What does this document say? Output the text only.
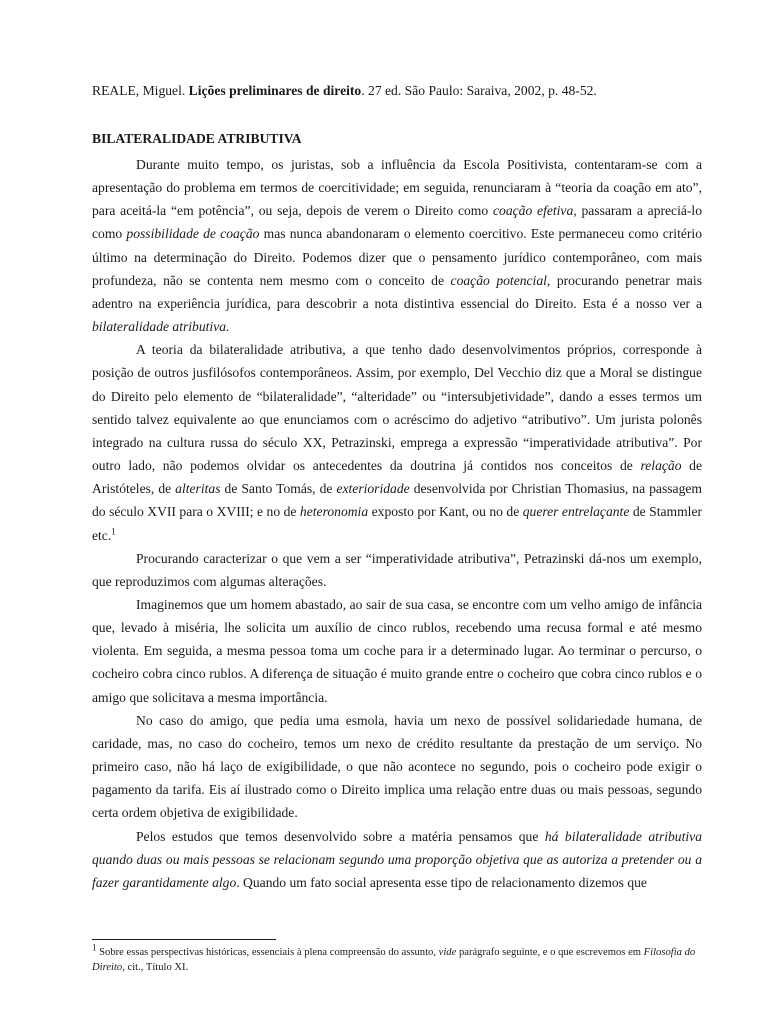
REALE, Miguel. Lições preliminares de direito. 27 ed. São Paulo: Saraiva, 2002, p. 48-52.
BILATERALIDADE ATRIBUTIVA

Durante muito tempo, os juristas, sob a influência da Escola Positivista, contentaram-se com a apresentação do problema em termos de coercitividade; em seguida, renunciaram à “teoria da coação em ato”, para aceitá-la “em potência”, ou seja, depois de verem o Direito como coação efetiva, passaram a apreciá-lo como possibilidade de coação mas nunca abandonaram o elemento coercitivo. Este permaneceu como critério último na determinação do Direito. Podemos dizer que o pensamento jurídico contemporâneo, com mais profundeza, não se contenta nem mesmo com o conceito de coação potencial, procurando penetrar mais adentro na experiência jurídica, para descobrir a nota distintiva essencial do Direito. Esta é a nosso ver a bilateralidade atributiva.

A teoria da bilateralidade atributiva, a que tenho dado desenvolvimentos próprios, corresponde à posição de outros jusfilósofos contemporâneos. Assim, por exemplo, Del Vecchio diz que a Moral se distingue do Direito pelo elemento de “bilateralidade”, “alteridade” ou “intersubjetividade”, dando a esses termos um sentido talvez equivalente ao que enunciamos com o acréscimo do adjetivo “atributivo”. Um jurista polonês integrado na cultura russa do século XX, Petrazinski, emprega a expressão “imperatividade atributiva”. Por outro lado, não podemos olvidar os antecedentes da doutrina já contidos nos conceitos de relação de Aristóteles, de alteritas de Santo Tomás, de exterioridade desenvolvida por Christian Thomasius, na passagem do século XVII para o XVIII; e no de heteronomia exposto por Kant, ou no de querer entrelaçante de Stammler etc.$^1$

Procurando caracterizar o que vem a ser “imperatividade atributiva”, Petrazinski dá-nos um exemplo, que reproduzimos com algumas alterações.

Imaginemos que um homem abastado, ao sair de sua casa, se encontre com um velho amigo de infância que, levado à miséria, lhe solicita um auxílio de cinco rublos, recebendo uma recusa formal e até mesmo violenta. Em seguida, a mesma pessoa toma um coche para ir a determinado lugar. Ao terminar o percurso, o cocheiro cobra cinco rublos. A diferença de situação é muito grande entre o cocheiro que cobra cinco rublos e o amigo que solicitava a mesma importância.

No caso do amigo, que pedia uma esmola, havia um nexo de possível solidariedade humana, de caridade, mas, no caso do cocheiro, temos um nexo de crédito resultante da prestação de um serviço. No primeiro caso, não há laço de exigibilidade, o que não acontece no segundo, pois o cocheiro pode exigir o pagamento da tarifa. Eis aí ilustrado como o Direito implica uma relação entre duas ou mais pessoas, segundo certa ordem objetiva de exigibilidade.

Pelos estudos que temos desenvolvido sobre a matéria pensamos que há bilateralidade atributiva quando duas ou mais pessoas se relacionam segundo uma proporção objetiva que as autoriza a pretender ou a fazer garantidamente algo. Quando um fato social apresenta esse tipo de relacionamento dizemos que

$^1$ Sobre essas perspectivas históricas, essenciais à plena compreensão do assunto, vide parágrafo seguinte, e o que escrevemos em Filosofia do Direito, cit., Título XI.
